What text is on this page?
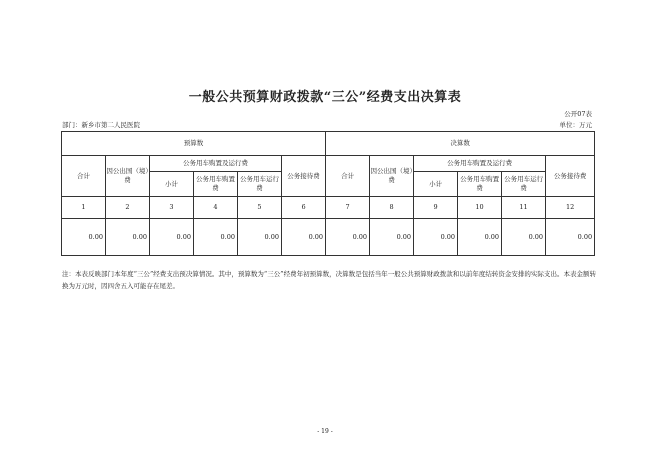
一般公共预算财政拨款“三公”经费支出决算表
公开07表
部门：新乡市第二人民医院	单位：万元
预算数						决算数					
合计	因公出国（境）费	公务用车购置及运行费			公务接待费	合计	因公出国（境）费	公务用车购置及运行费			公务接待费
		小计	公务用车购置费	公务用车运行费				小计	公务用车购置费	公务用车运行费	
1	2	3	4	5	6	7	8	9	10	11	12
0.00	0.00	0.00	0.00	0.00	0.00	0.00	0.00	0.00	0.00	0.00	0.00
注：本表反映部门本年度“三公”经费支出预决算情况。其中，预算数为“三公”经费年初预算数，决算数是包括当年一般公共预算财政拨款和以前年度结转资金安排的实际支出。本表金额转换为万元时，因四舍五入可能存在尾差。
- 19 -
